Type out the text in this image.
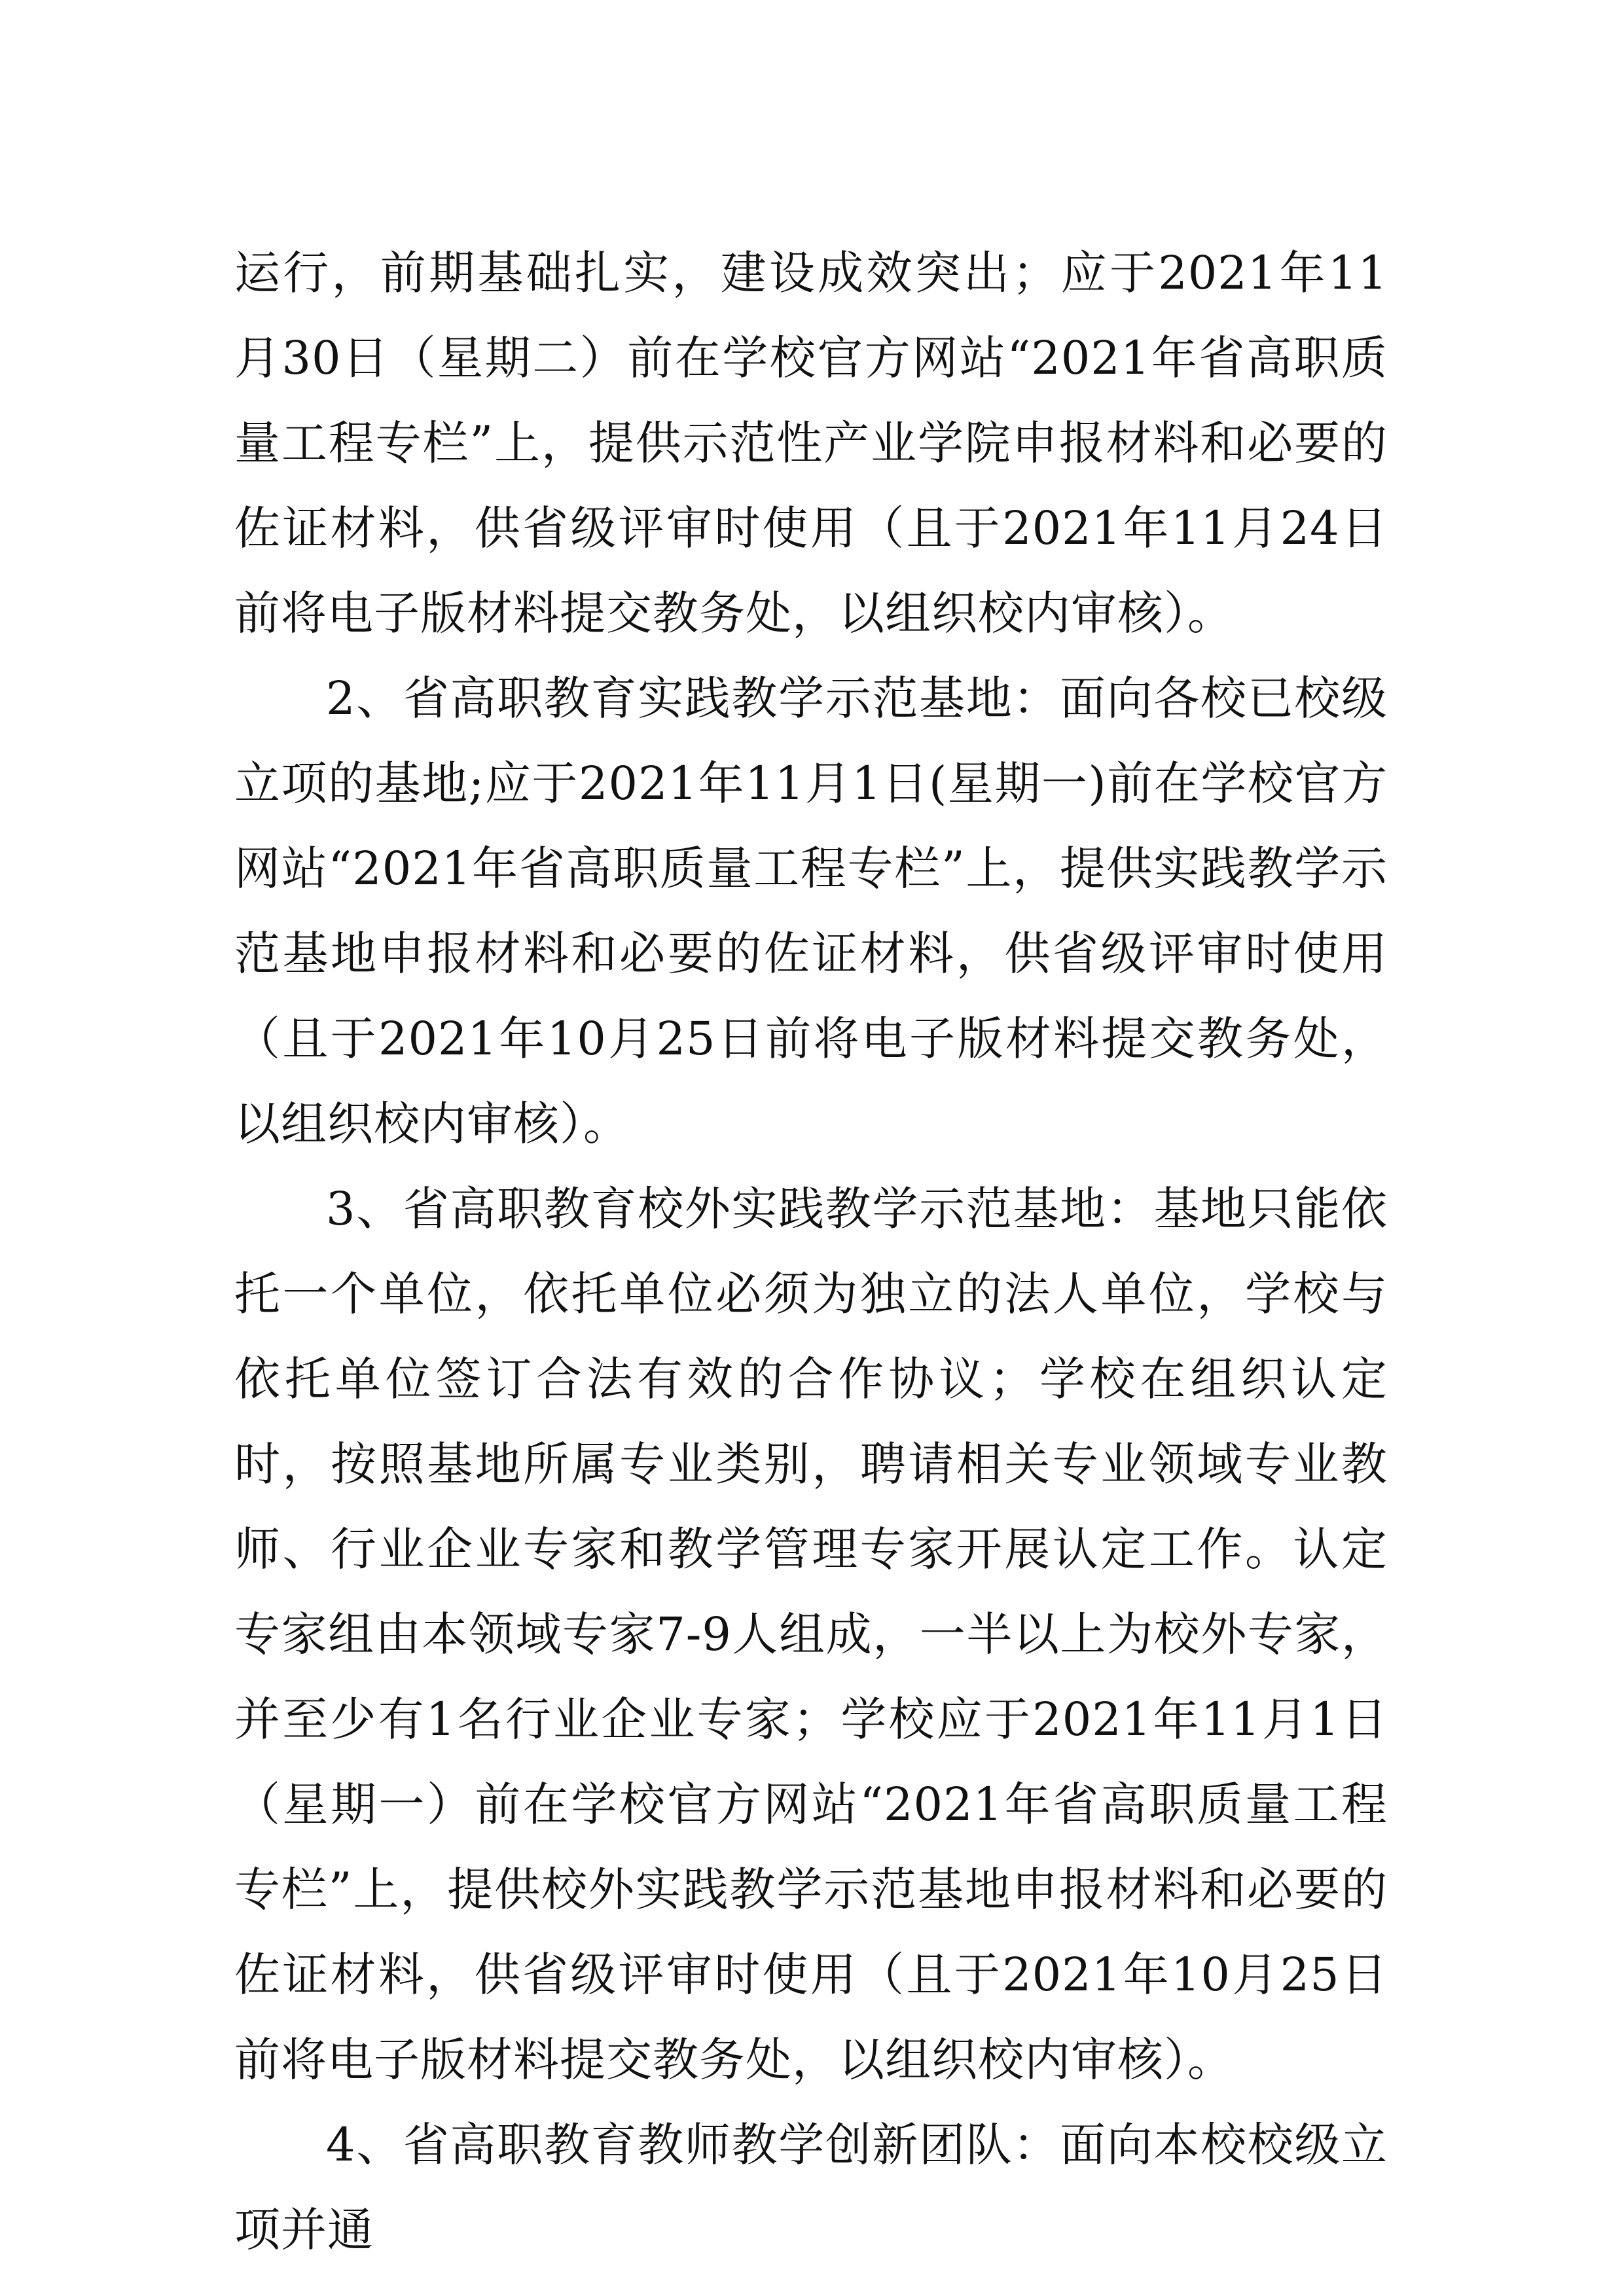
运行，前期基础扎实，建设成效突出；应于2021年11月30日（星期二）前在学校官方网站“2021年省高职质量工程专栏”上，提供示范性产业学院申报材料和必要的佐证材料，供省级评审时使用（且于2021年11月24日前将电子版材料提交教务处，以组织校内审核）。

2、省高职教育实践教学示范基地：面向各校已校级立项的基地;应于2021年11月1日(星期一)前在学校官方网站“2021年省高职质量工程专栏”上，提供实践教学示范基地申报材料和必要的佐证材料，供省级评审时使用（且于2021年10月25日前将电子版材料提交教务处，以组织校内审核）。

3、省高职教育校外实践教学示范基地：基地只能依托一个单位，依托单位必须为独立的法人单位，学校与依托单位签订合法有效的合作协议；学校在组织认定时，按照基地所属专业类别，聘请相关专业领域专业教师、行业企业专家和教学管理专家开展认定工作。认定专家组由本领域专家7-9人组成，一半以上为校外专家，并至少有1名行业企业专家；学校应于2021年11月1日（星期一）前在学校官方网站“2021年省高职质量工程专栏”上，提供校外实践教学示范基地申报材料和必要的佐证材料，供省级评审时使用（且于2021年10月25日前将电子版材料提交教务处，以组织校内审核）。

4、省高职教育教师教学创新团队：面向本校校级立项并通
